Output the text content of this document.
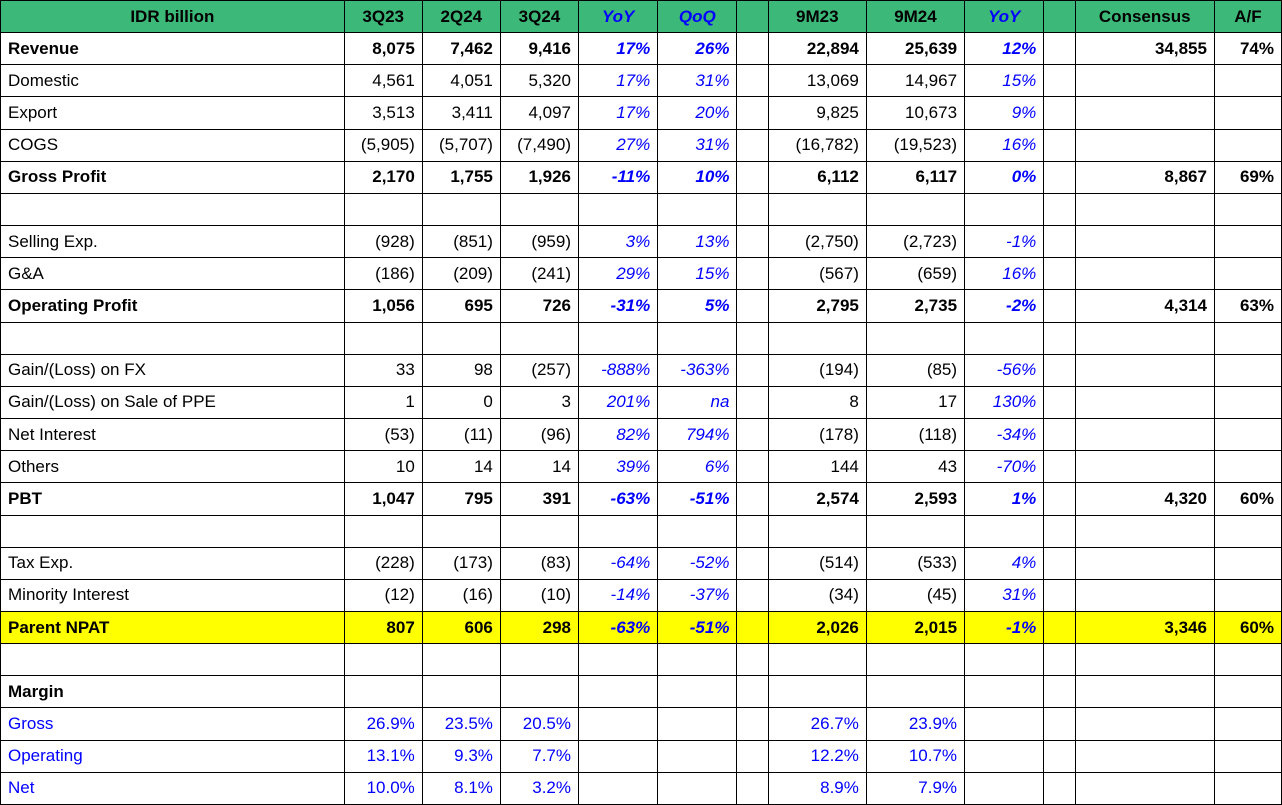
IDR billion	3Q23	2Q24	3Q24	YoY	QoQ		9M23	9M24	YoY		Consensus	A/F
Revenue	8,075	7,462	9,416	17%	26%		22,894	25,639	12%		34,855	74%
Domestic	4,561	4,051	5,320	17%	31%		13,069	14,967	15%			
Export	3,513	3,411	4,097	17%	20%		9,825	10,673	9%			
COGS	(5,905)	(5,707)	(7,490)	27%	31%		(16,782)	(19,523)	16%			
Gross Profit	2,170	1,755	1,926	-11%	10%		6,112	6,117	0%		8,867	69%

Selling Exp.	(928)	(851)	(959)	3%	13%		(2,750)	(2,723)	-1%			
G&A	(186)	(209)	(241)	29%	15%		(567)	(659)	16%			
Operating Profit	1,056	695	726	-31%	5%		2,795	2,735	-2%		4,314	63%

Gain/(Loss) on FX	33	98	(257)	-888%	-363%		(194)	(85)	-56%			
Gain/(Loss) on Sale of PPE	1	0	3	201%	na		8	17	130%			
Net Interest	(53)	(11)	(96)	82%	794%		(178)	(118)	-34%			
Others	10	14	14	39%	6%		144	43	-70%			
PBT	1,047	795	391	-63%	-51%		2,574	2,593	1%		4,320	60%

Tax Exp.	(228)	(173)	(83)	-64%	-52%		(514)	(533)	4%			
Minority Interest	(12)	(16)	(10)	-14%	-37%		(34)	(45)	31%			
Parent NPAT	807	606	298	-63%	-51%		2,026	2,015	-1%		3,346	60%

Margin												
Gross	26.9%	23.5%	20.5%				26.7%	23.9%				
Operating	13.1%	9.3%	7.7%				12.2%	10.7%				
Net	10.0%	8.1%	3.2%				8.9%	7.9%				
